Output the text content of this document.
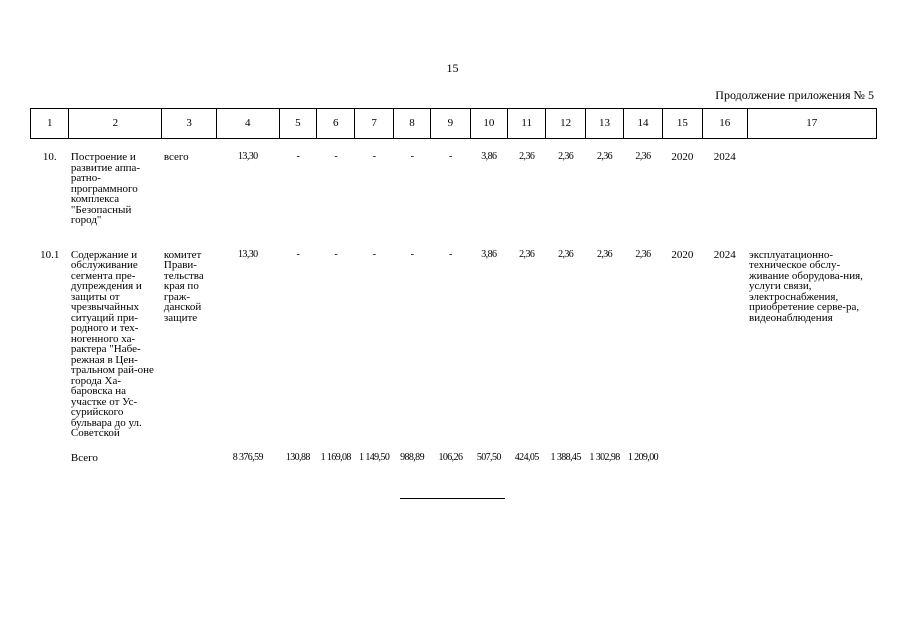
15
Продолжение приложения № 5
1	2	3	4	5	6	7	8	9	10	11	12	13	14	15	16	17
10.	Построение и развитие аппа-ратно-программного комплекса "Безопасный город"	всего	13,30	-	-	-	-	-	3,86	2,36	2,36	2,36	2,36	2020	2024	
10.1	Содержание и обслуживание сегмента пре-дупреждения и защиты от чрезвычайных ситуаций при-родного и тех-ногенного ха-рактера "Набе-режная в Цен-тральном рай-оне города Ха-баровска на участке от Ус-сурийского бульвара до ул. Советской	комитет Прави-тельства края по граж-данской защите	13,30	-	-	-	-	-	3,86	2,36	2,36	2,36	2,36	2020	2024	эксплуатационно-техническое обслу-живание оборудова-ния, услуги связи, электроснабжения, приобретение серве-ра, видеонаблюдения
	Всего		8 376,59	130,88	1 169,08	1 149,50	988,89	106,26	507,50	424,05	1 388,45	1 302,98	1 209,00			
